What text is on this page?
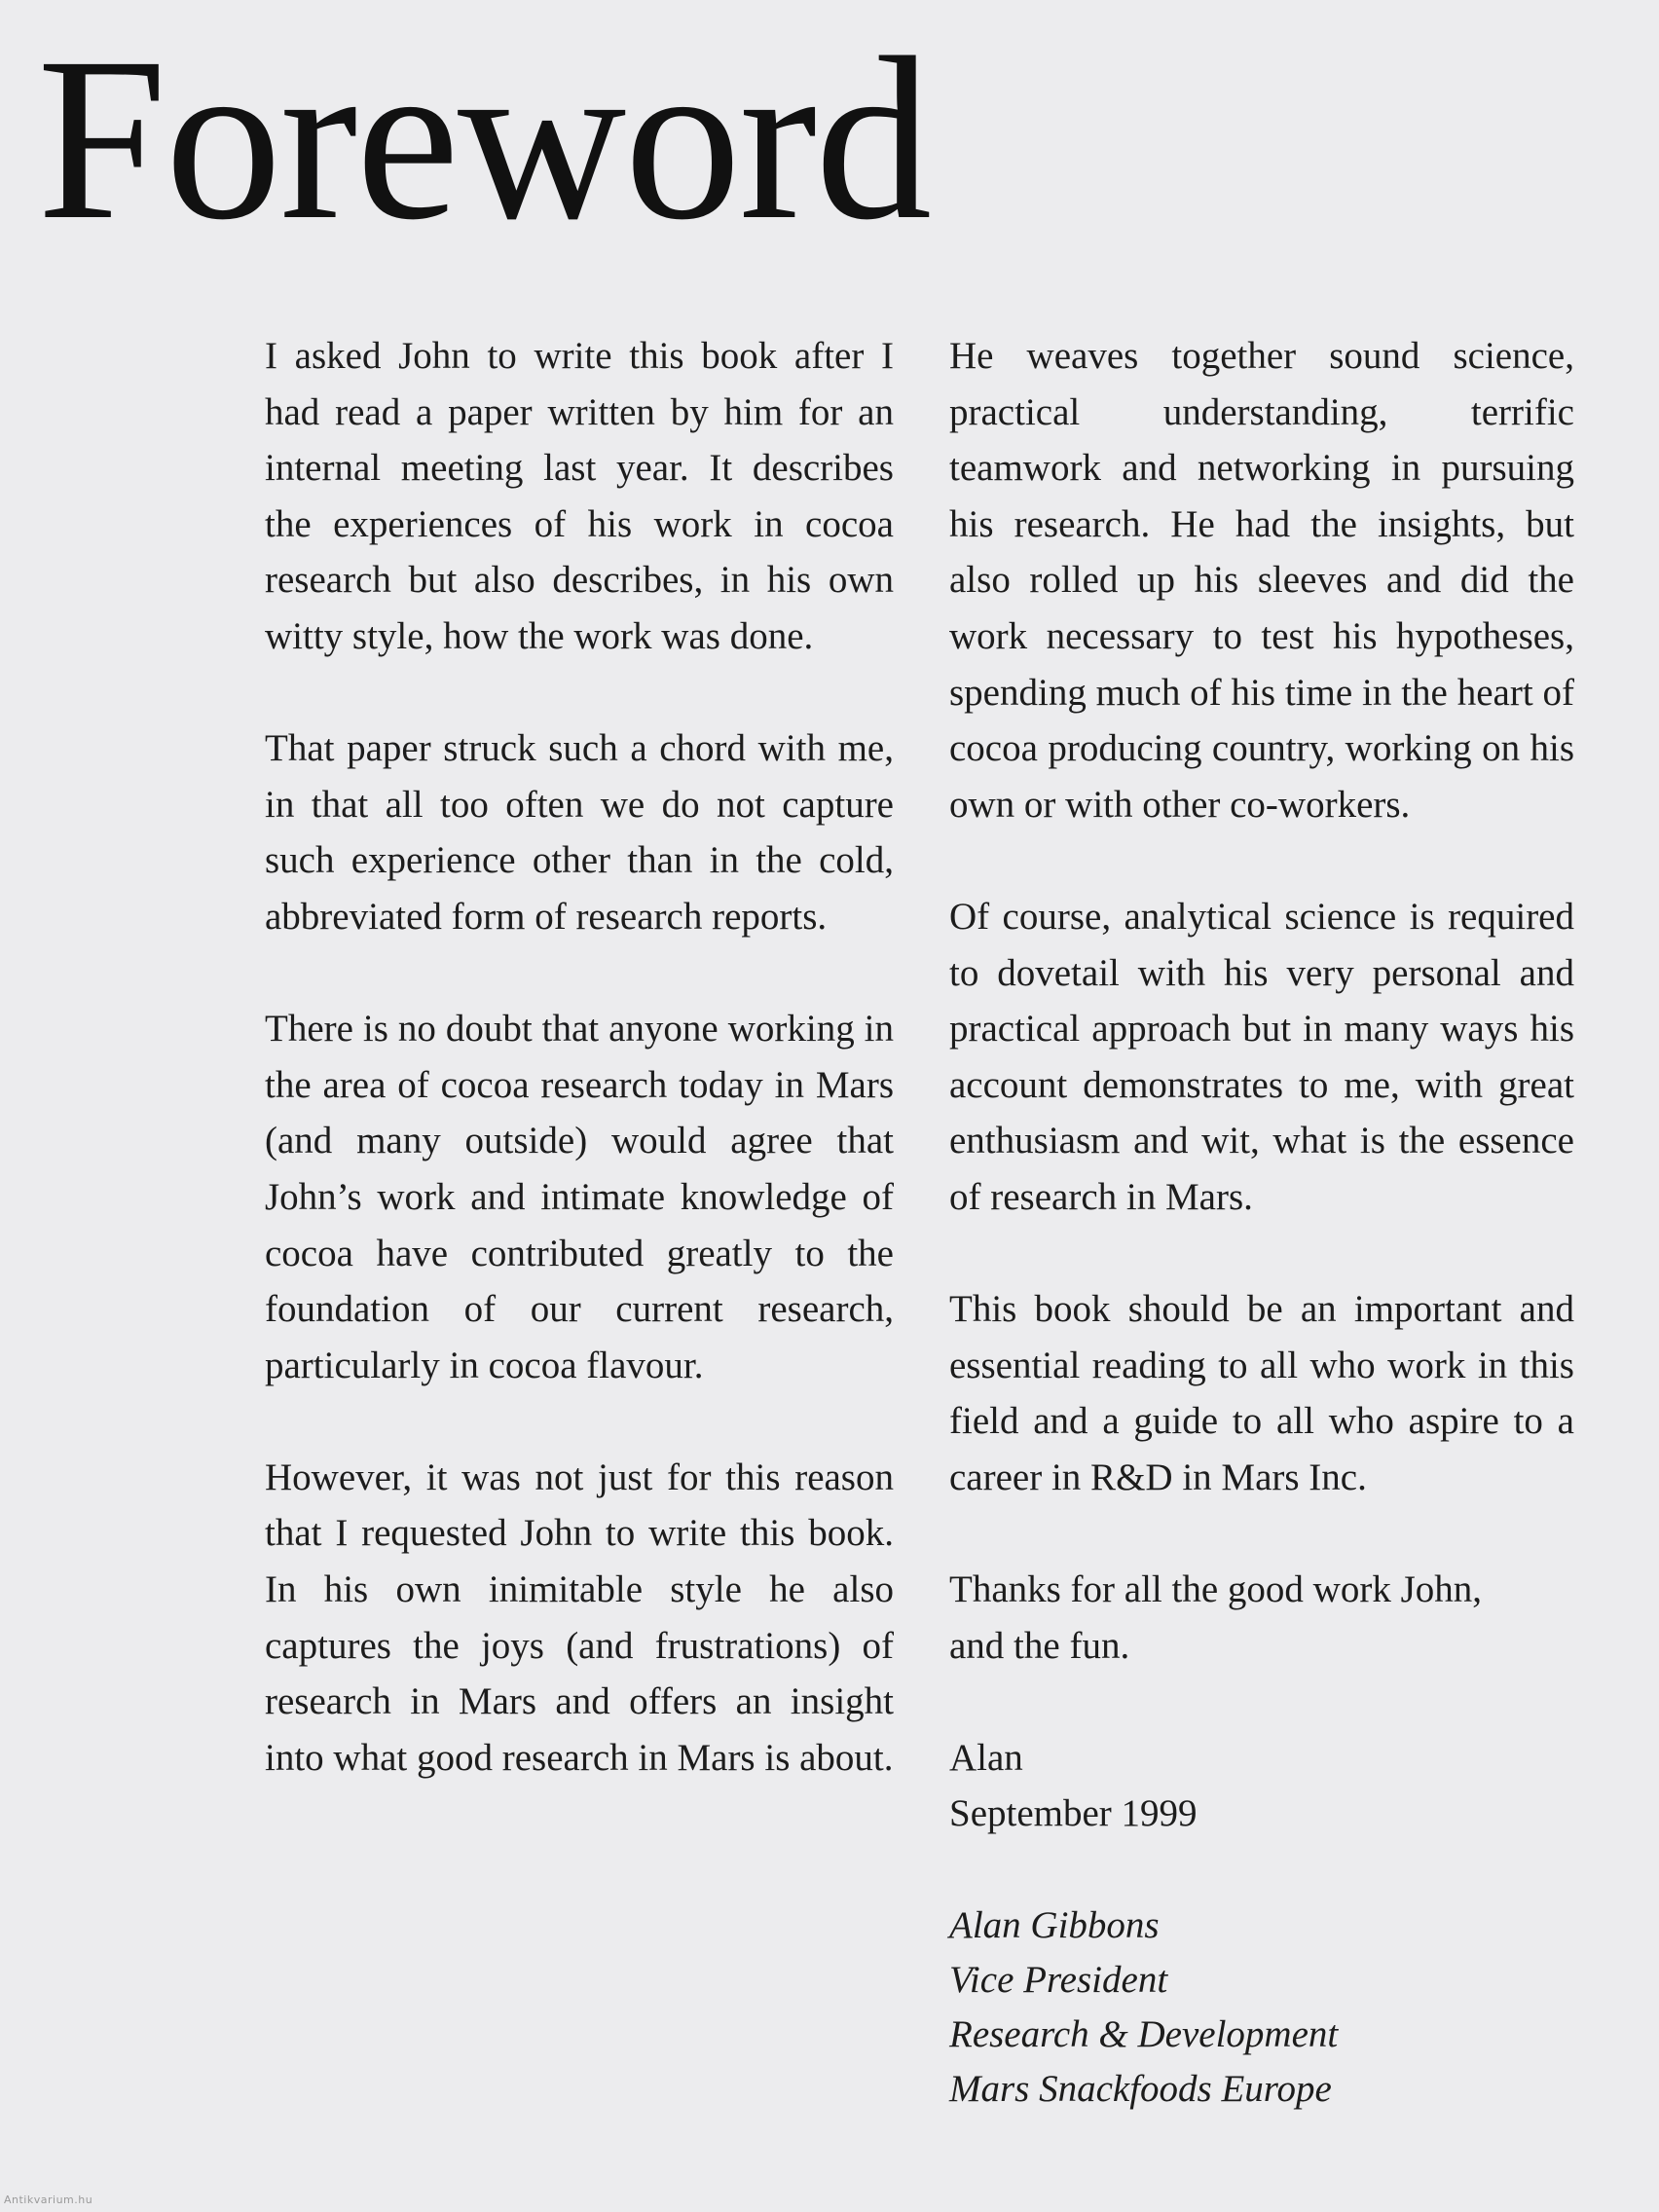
Foreword

I asked John to write this book after I had read a paper written by him for an internal meeting last year. It describes the experiences of his work in cocoa research but also describes, in his own witty style, how the work was done.

That paper struck such a chord with me, in that all too often we do not capture such experience other than in the cold, abbreviated form of research reports.

There is no doubt that anyone working in the area of cocoa research today in Mars (and many outside) would agree that John’s work and intimate knowledge of cocoa have contributed greatly to the foundation of our current research, particularly in cocoa flavour.

However, it was not just for this reason that I requested John to write this book. In his own inimitable style he also captures the joys (and frustrations) of research in Mars and offers an insight into what good research in Mars is about.

He weaves together sound science, practical understanding, terrific teamwork and networking in pursuing his research. He had the insights, but also rolled up his sleeves and did the work necessary to test his hypotheses, spending much of his time in the heart of cocoa producing country, working on his own or with other co-workers.

Of course, analytical science is required to dovetail with his very personal and practical approach but in many ways his account demonstrates to me, with great enthusiasm and wit, what is the essence of research in Mars.

This book should be an important and essential reading to all who work in this field and a guide to all who aspire to a career in R&D in Mars Inc.

Thanks for all the good work John,
and the fun.

Alan
September 1999

Alan Gibbons

Vice President

Research & Development

Mars Snackfoods Europe

Antikvarium.hu
